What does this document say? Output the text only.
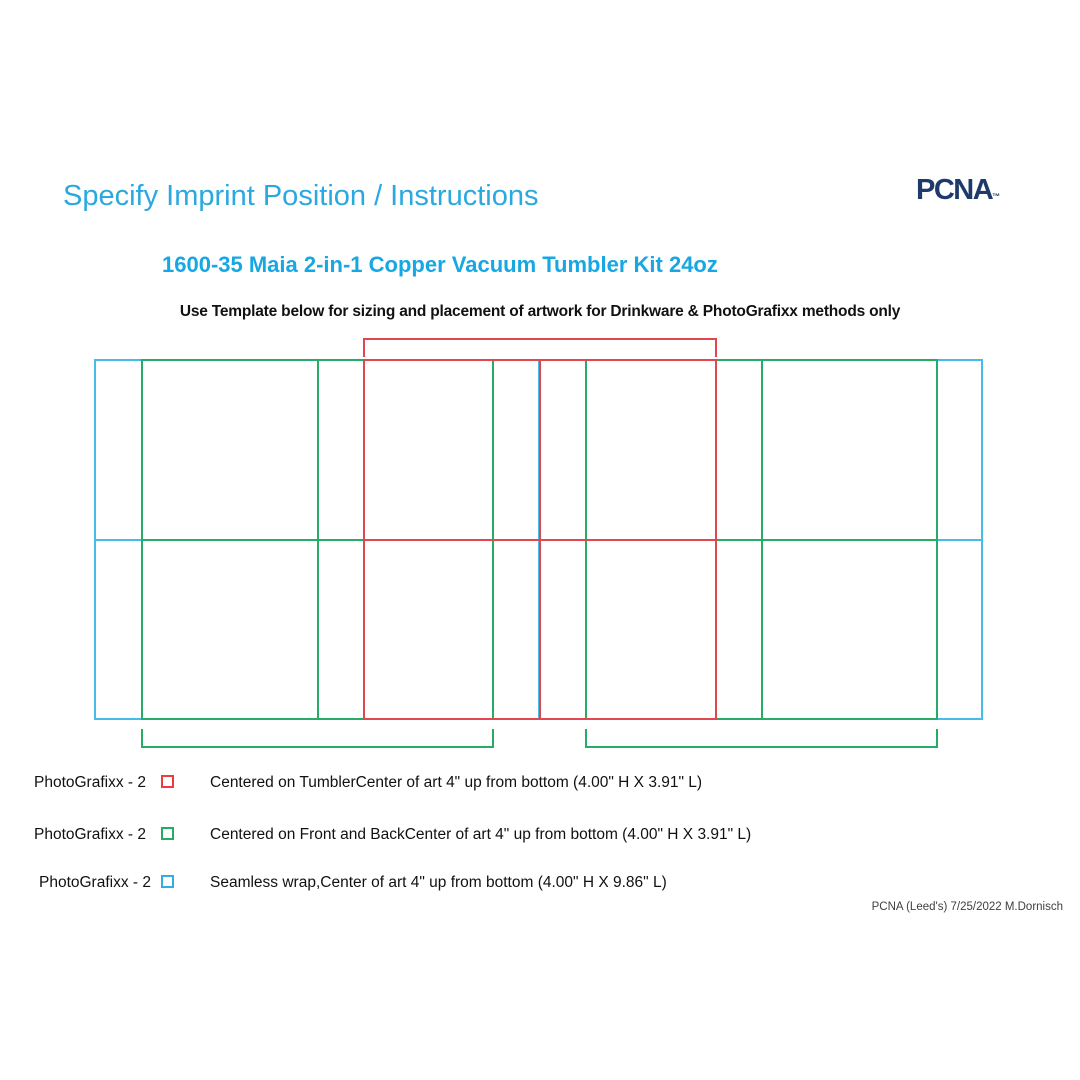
Specify Imprint Position / Instructions	PCNA™
1600-35 Maia 2-in-1 Copper Vacuum Tumbler Kit 24oz
Use Template below for sizing and placement of artwork for Drinkware & PhotoGrafixx methods only
PhotoGrafixx - 2	Centered on TumblerCenter of art 4" up from bottom (4.00" H X 3.91" L)
PhotoGrafixx - 2	Centered on Front and BackCenter of art 4" up from bottom (4.00" H X 3.91" L)
PhotoGrafixx - 2	Seamless wrap,Center of art 4" up from bottom (4.00" H X 9.86" L)
PCNA (Leed's) 7/25/2022 M.Dornisch
